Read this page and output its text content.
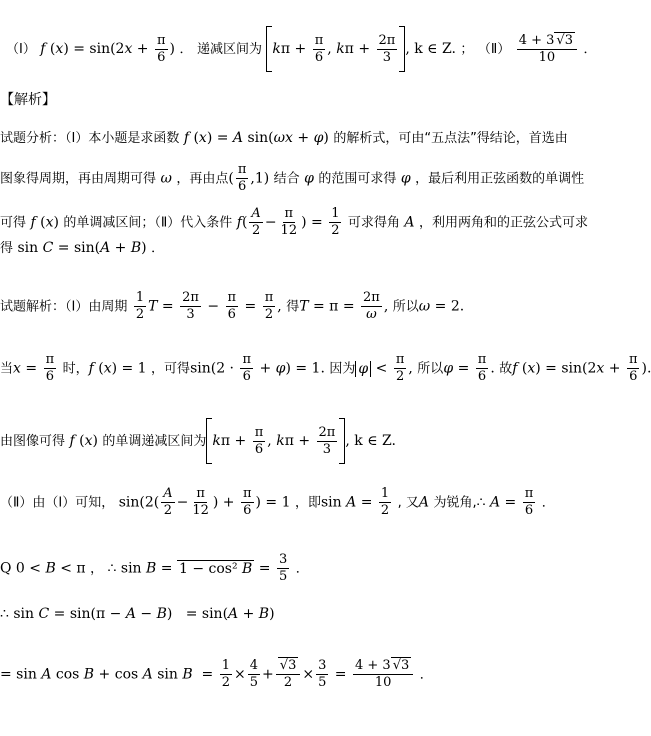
（Ⅰ） f $(x) = \sin(2x + \frac{\pi}{6}$ ) ． 递减区间为 $k\pi + \frac{\pi}{6}$ , $k\pi + \frac{2\pi}{3}$ , k ∈ Z. ； （Ⅱ） $\frac{4 + 3 √3}{10}$ ．
【解析】
试题分析：（Ⅰ）本小题是求函数 f (x) = A sin(ωx + φ) 的解析式，可由“五点法”得结论，首选由
图象得周期，再由周期可得 ω ，再由点( $\frac{\pi}{6} ,1$) 结合 φ 的范围可求得 φ ，最后利用正弦函数的单调性
可得 f (x) 的单调减区间；（Ⅱ）代入条件 $f( \frac{A}{2} - \frac{\pi}{12}$ ) = $\frac{1}{2}$ 可求得角 A ，利用两角和的正弦公式可求
得 sin C = sin(A + B) ．
试题解析：（Ⅰ）由周期 $\frac{1}{2}$ $T = \frac{2\pi}{3} - \frac{\pi}{6} = \frac{\pi}{2}$ , 得$T = \pi = \frac{2\pi}{\omega}$ , 所以ω = 2.
当$x = \frac{\pi}{6}$ 时，f (x) = 1 ，可得$\sin(2 \cdot \frac{\pi}{6} + \varphi) = 1$. 因为 $\varphi < \frac{\pi}{2}$ , 所以$\varphi = \frac{\pi}{6}$ . 故f $(x) = \sin(2x + \frac{\pi}{6}$ ).
由图像可得 f (x) 的单调递减区间为 $k\pi + \frac{\pi}{6}$ , $k\pi + \frac{2\pi}{3}$ , k ∈ Z.
（Ⅱ）由（Ⅰ）可知， $\sin(2( \frac{A}{2} - \frac{\pi}{12}$ ) + $\frac{\pi}{6}$ ) = 1 ，即$\sin A = \frac{1}{2}$ , 又A 为锐角,∴ $A = \frac{\pi}{6}$ ．
Q 0 < B < π ， ∴ sin B = 1 − cos² $B = \frac{3}{5}$ ．
∴ sin C = sin(π − A − B)   = sin(A + B)
= sin A cos B + cos A $\sin B = \frac{1}{2} \times \frac{4}{5} + \frac{√3}{2} \times \frac{3}{5} = \frac{4 + 3 √3}{10}$ ．
